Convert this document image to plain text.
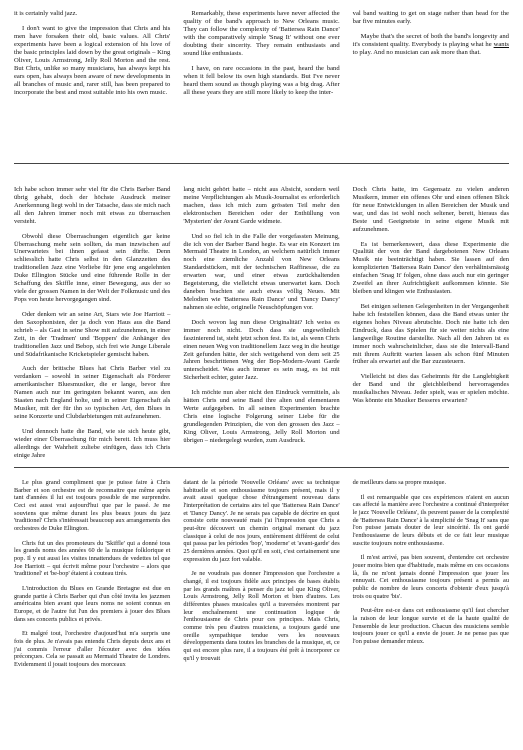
it is certainly valid jazz.

I don't want to give the impression that Chris and his men have forsaken their old, basic values. All Chris' experiments have been a logical extension of his love of the basic principles laid down by the great originals – King Oliver, Louis Armstrong, Jelly Roll Morton and the rest. But Chris, unlike so many musicians, has always kept his ears open, has always been aware of new developments in all branches of music and, rarer still, has been prepared to incorporate the best and most suitable into his own music.

Remarkably, these experiments have never affected the quality of the band's approach to New Orleans music. They can follow the complexity of 'Battersea Rain Dance' with the comparatively simple 'Snag It' without one ever doubting their sincerity. They remain enthusiasts and sound like enthusiasts.

I have, on rare occasions in the past, heard the band when it fell below its own high standards. But I've never heard them sound as though playing was a big drag. After all these years they are still more likely to keep the inter-

val band waiting to get on stage rather than head for the bar five minutes early.

Maybe that's the secret of both the band's longevity and it's consistent quality. Everybody is playing what he wants to play. And no musician can ask more than that.

Ich habe schon immer sehr viel für die Chris Barber Band übrig gehabt, doch der höchste Ausdruck meiner Anerkennung liegt wohl in der Tatsache, dass sie mich nach all den Jahren immer noch mit etwas zu überraschen versteht.

Obwohl diese Überraschungen eigentlich gar keine Überraschung mehr sein sollten, da man inzwischen auf Unerwartetes bei ihnen gefasst sein dürfte. Denn schliesslich hatte Chris selbst in den Glanzzeiten des traditionellen Jazz eine Vorliebe für jene eng angelehnten Duke Ellington Stücke und eine führende Rolle in der Schaffung des Skiffle inne, einer Bewegung, aus der so viele der grossen Namen in der Welt der Folkmusic und des Pops von heute hervorgegangen sind.

Oder denken wir an seine Art, Stars wie Joe Harriott – den Saxophonisten, der ja doch von Haus aus die Band schrieb – als Gast in seine Show mit aufzunehmen, in einer Zeit, in der 'Tradmen' und 'Boppers' die Anhänger des traditionellen Jazz und Bebop, sich frei wie Junge Liberale und Südafrikanische Kricketspieler gemischt haben.

Auch der britische Blues hat Chris Barber viel zu verdanken – sowohl in seiner Eigenschaft als Förderer amerikanischer Bluesmusiker, die er lange, bevor ihre Namen auch nur im geringsten bekannt waren, aus den Staaten nach England holte, und in seiner Eigenschaft als Musiker, mit der für ihn so typischen Art, den Blues in seine Konzerte und Clubdarbietungen mit aufzunehmen.

Und dennoch hatte die Band, wie sie sich heute gibt, wieder einer Überraschung für mich bereit. Ich muss hier allerdings der Wahrheit zuliebe einfügen, dass ich Chris einige Jahre

lang nicht gehört hatte – nicht aus Absicht, sondern weil meine Verpflichtungen als Musik-Journalist es erforderlich machen, dass ich mich zum grössten Teil mehr den elektronischen Bereichen oder der Enthüllung von 'Mysterien' der Avant Garde widmete.

Und so fiel ich in die Falle der vorgefassten Meinung, die ich von der Barber Band hegte. Es war ein Konzert im Mermaid Theatre in London, an welchem natürlich immer noch eine ziemliche Anzahl von New Orleans Standardstücken, mit der technischen Raffinesse, die zu erwarten war, und einer etwas zurückhaltenden Begeisterung, die vielleicht etwas unerwartet kam. Doch daneben brachten sie auch etwas völlig Neues. Mit Melodien wie 'Battersea Rain Dance' und 'Dancy Dancy' nahmen sie echte, originelle Neuschöpfungen vor.

Doch wovon lag nun diese Originalität? Ich weiss es immer noch nicht. Doch dass sie ungewöhnlich faszinierend ist, steht jetzt schon fest. Es ist, als wenn Chris einen neuen Weg von traditionellem Jazz weg in die heutige Zeit gefunden hätte, der sich weitgehend von dem seit 25 Jahren beschrittenen Weg der Bop-Modern-Avant Garde unterscheidet. Was auch immer es sein mag, es ist mit Sicherheit echter, guter Jazz.

Ich möchte nun aber nicht den Eindruck vermitteln, als hätten Chris und seine Band ihre alten und elementaren Werte aufgegeben. In all seinen Experimenten brachte Chris eine logische Folgerung seiner Liebe für die grundlegenden Prinzipien, die von den grossen des Jazz – King Oliver, Louis Armstrong, Jelly Roll Morton und übrigen – niedergelegt wurden, zum Ausdruck.

Doch Chris hatte, im Gegensatz zu vielen anderen Musikern, immer ein offenes Ohr und einen offenen Blick für neue Entwicklungen in allen Bereichen der Musik und war, und das ist wohl noch seltener, bereit, hieraus das Beste und Geeignetste in seine eigene Musik mit aufzunehmen.

Es ist bemerkenswert, dass diese Experimente die Qualität der von der Band dargebotenen New Orleans Musik nie beeinträchtigt haben. Sie lassen auf den komplizierten 'Battersea Rain Dance' den verhältnismässig einfachen 'Snag It' folgen, ohne dass auch nur ein geringer Zweifel an ihrer Aufrichtigkeit aufkommen könnte. Sie bleiben und klingen wie Enthusiasten.

Bei einigen seltenen Gelegenheiten in der Vergangenheit habe ich feststellen können, dass die Band etwas unter ihr eigenes hohes Niveau abrutschte. Doch nie hatte ich den Eindruck, dass das Spielen für sie weiter nichts als eine langweilige Routine darstellte. Nach all den Jahren ist es immer noch wahrscheinlicher, dass sie die Intervall-Band mit ihrem Auftritt warten lassen als schon fünf Minuten früher als erwartet auf die Bar zuzusteuern.

Vielleicht ist dies das Geheimnis für die Langlebigkeit der Band und ihr gleichbleibend hervorragendes musikalisches Niveau. Jeder spielt, was er spielen möchte. Was könnte ein Musiker Besseres erwarten?

Le plus grand compliment que je puisse faire à Chris Barber et son orchestre est de reconnaitre que même après tant d'années il lui est toujours possible de me surprendre. Ceci est aussi vrai aujourd'hui que par le passé. Je me souviens que même durant les plus beaux jours du jazz 'traditionel' Chris s'intéressait beaucoup aux arrangements des orchestres de Duke Ellington.

Chris fut un des promoteurs du 'Skiffle' qui a donné tous les grands noms des années 60 de la musique folklorique et pop. Il y eut aussi les visites innattendues de vedettes tel que Joe Harriott – qui écrivit même pour l'orchestre – alors que 'traditionel' et 'be-bop' étaient à couteau tirés.

L'introduction du Blues en Grande Bretagne est due en grande partie à Chris Barber qui d'un côté invita les jazzmen américains bien avant que leurs noms ne soient connus en Europe, et de l'autre fut l'un des premiers à jouer des Blues dans ses concerts publics et privés.

Et malgré tout, l'orchestre d'aujourd'hui m'a surpris une fois de plus. Je n'avais pas entendu Chris depuis deux ans et j'ai commis l'erreur d'aller l'écouter avec des idées préconçues. Cela se passait au Mermaid Theatre de Londres. Evidemment il jouait toujours des morceaux

datant de la période 'Nouvelle Orléans' avec sa technique habituelle et son enthousiasme toujours présent, mais il y avait aussi quelque chose d'étrangement nouveau dans l'interprétation de certains airs tel que 'Battersea Rain Dance' et 'Dancy Dancy'. Je ne serais pas capable de décrire en quoi consiste cette nouveauté mais j'ai l'impression que Chris a peut-être découvert un chemin original menant du jazz classique à celui de nos jours, entièrement différent de celui qui passa par les périodes 'bop', 'moderne' et 'avant-garde' des 25 dernières années. Quoi qu'il en soit, c'est certainement une expression du jazz fort valable.

Je ne voudrais pas donner l'impression que l'orchestre a changé, il est toujours fidèle aux principes de bases établis par les grands maîtres à penser du jazz tel que King Oliver, Louis Armstrong, Jelly Roll Morton et bien d'autres. Les différentes phases musicales qu'il a traversées montrent par leur enchaînement une continuation logique de l'enthousiasme de Chris pour ces principes. Mais Chris, comme très peu d'autres musiciens, a toujours gardé une oreille sympathique tendue vers les nouveaux développements dans toutes les branches de la musique, et, ce qui est encore plus rare, il a toujours été prêt à incorporer ce qu'il y trouvait

de meilleurs dans sa propre musique.

Il est remarquable que ces expériences n'aient en aucun cas affecté la manière avec l'orchestre a continué d'interpréter le jazz 'Nouvelle Orléans', ils peuvent passer de la complexité de 'Battersea Rain Dance' à la simplicité de 'Snag It' sans que l'on puisse jamais douter de leur sincérité. Ils ont gardé l'enthousiasme de leurs débuts et de ce fait leur musique suscite toujours notre enthousiasme.

Il m'est arrivé, pas bien souvent, d'entendre cet orchestre jouer moins bien que d'habitude, mais même en ces occasions là, ils ne m'ont jamais donné l'impression que jouer les ennuyait. Cet enthousiasme toujours présent a permis au public de nombre de leurs concerts d'obtenir d'eux jusqu'à trois ou quatre 'bis'.

Peut-être est-ce dans cet enthousiasme qu'il faut chercher la raison de leur longue survie et de la haute qualité de l'ensemble de leur production. Chacun des musiciens semble toujours jouer ce qu'il a envie de jouer. Je ne pense pas que l'on puisse demander mieux.
